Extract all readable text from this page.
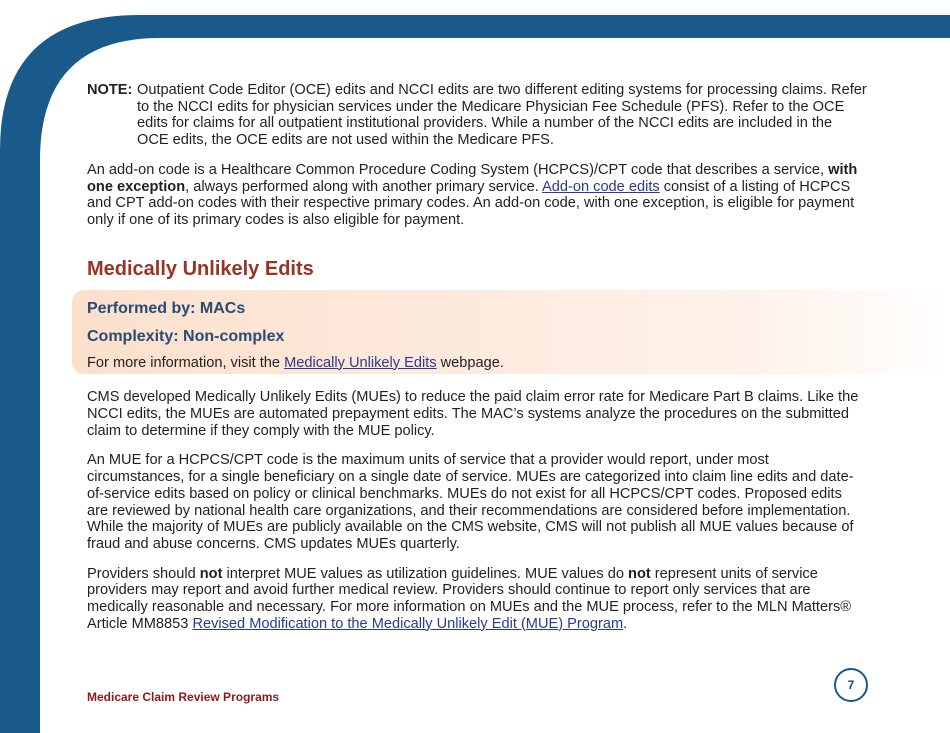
NOTE: Outpatient Code Editor (OCE) edits and NCCI edits are two different editing systems for processing claims. Refer to the NCCI edits for physician services under the Medicare Physician Fee Schedule (PFS). Refer to the OCE edits for claims for all outpatient institutional providers. While a number of the NCCI edits are included in the OCE edits, the OCE edits are not used within the Medicare PFS.

An add-on code is a Healthcare Common Procedure Coding System (HCPCS)/CPT code that describes a service, with one exception, always performed along with another primary service. Add-on code edits consist of a listing of HCPCS and CPT add-on codes with their respective primary codes. An add-on code, with one exception, is eligible for payment only if one of its primary codes is also eligible for payment.

Medically Unlikely Edits
Performed by: MACs
Complexity: Non-complex

For more information, visit the Medically Unlikely Edits webpage.

CMS developed Medically Unlikely Edits (MUEs) to reduce the paid claim error rate for Medicare Part B claims. Like the NCCI edits, the MUEs are automated prepayment edits. The MAC’s systems analyze the procedures on the submitted claim to determine if they comply with the MUE policy.

An MUE for a HCPCS/CPT code is the maximum units of service that a provider would report, under most circumstances, for a single beneficiary on a single date of service. MUEs are categorized into claim line edits and date-of-service edits based on policy or clinical benchmarks. MUEs do not exist for all HCPCS/CPT codes. Proposed edits are reviewed by national health care organizations, and their recommendations are considered before implementation. While the majority of MUEs are publicly available on the CMS website, CMS will not publish all MUE values because of fraud and abuse concerns. CMS updates MUEs quarterly.

Providers should not interpret MUE values as utilization guidelines. MUE values do not represent units of service providers may report and avoid further medical review. Providers should continue to report only services that are medically reasonable and necessary. For more information on MUEs and the MUE process, refer to the MLN Matters® Article MM8853 Revised Modification to the Medically Unlikely Edit (MUE) Program.

Medicare Claim Review Programs
7
